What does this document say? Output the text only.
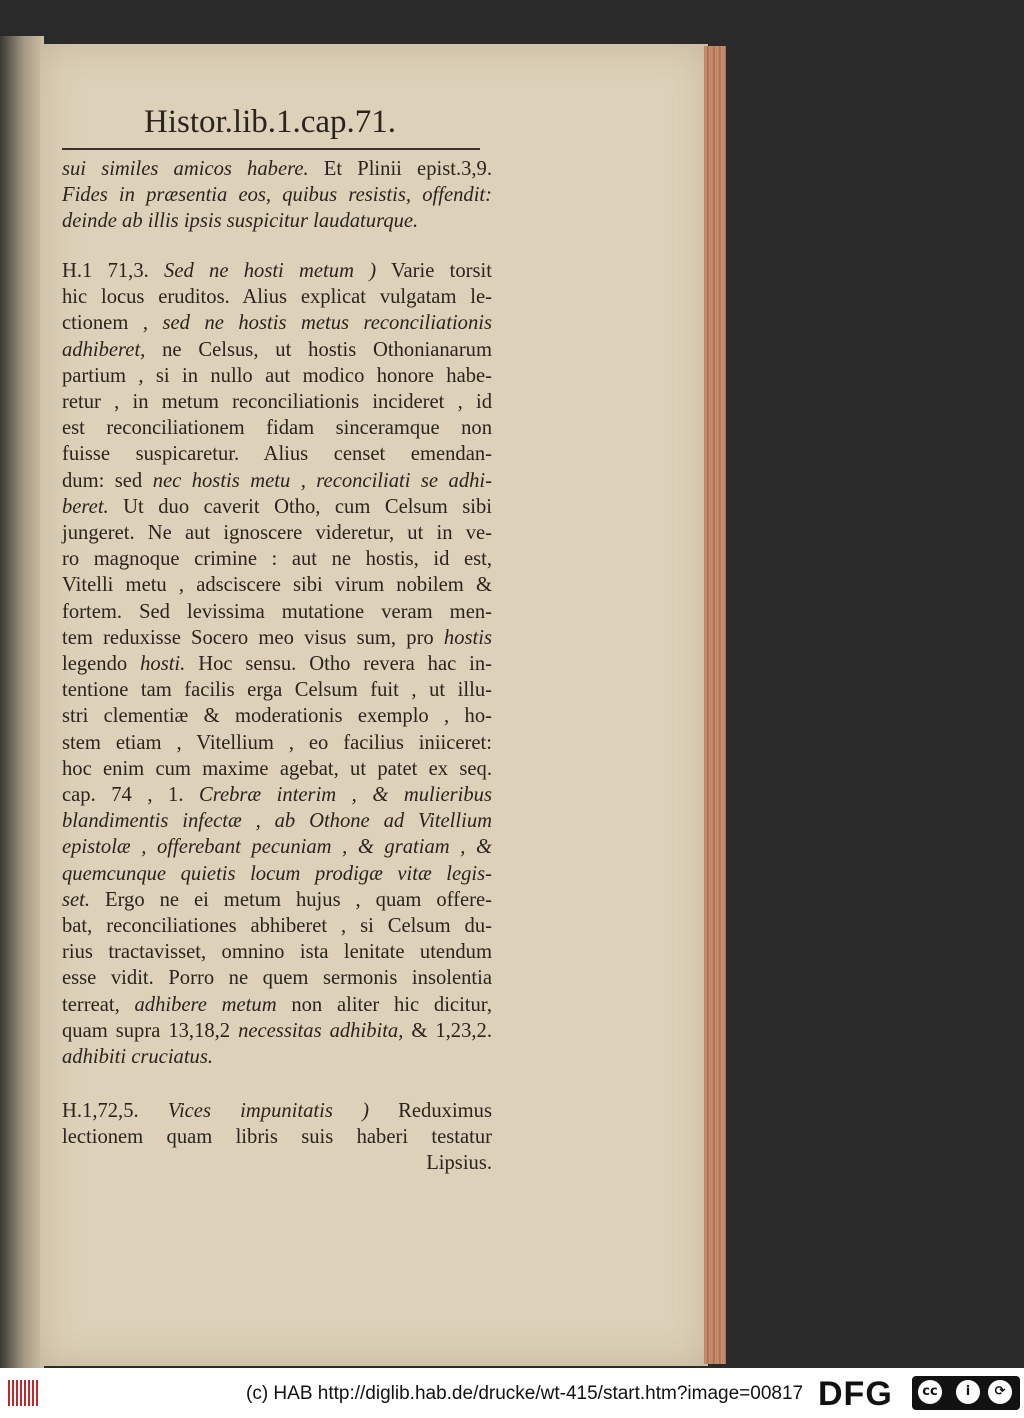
Histor.lib.1.cap.71.
sui similes amicos habere. Et Plinii epist.3,9.
Fides in præsentia eos, quibus resistis, offendit:
deinde ab illis ipsis suspicitur laudaturque.
H.1 71,3. Sed ne hosti metum ) Varie torsit
hic locus eruditos. Alius explicat vulgatam le-
ctionem , sed ne hostis metus reconciliationis
adhiberet, ne Celsus, ut hostis Othonianarum
partium , si in nullo aut modico honore habe-
retur , in metum reconciliationis incideret , id
est reconciliationem fidam sinceramque non
fuisse suspicaretur. Alius censet emendan-
dum: sed nec hostis metu , reconciliati se adhi-
beret. Ut duo caverit Otho, cum Celsum sibi
jungeret. Ne aut ignoscere videretur, ut in ve-
ro magnoque crimine : aut ne hostis, id est,
Vitelli metu , adsciscere sibi virum nobilem &
fortem. Sed levissima mutatione veram men-
tem reduxisse Socero meo visus sum, pro hostis
legendo hosti. Hoc sensu. Otho revera hac in-
tentione tam facilis erga Celsum fuit , ut illu-
stri clementiæ & moderationis exemplo , ho-
stem etiam , Vitellium , eo facilius iniiceret:
hoc enim cum maxime agebat, ut patet ex seq.
cap. 74 , 1. Crebræ interim , & mulieribus
blandimentis infectæ , ab Othone ad Vitellium
epistolæ , offerebant pecuniam , & gratiam , &
quemcunque quietis locum prodigæ vitæ legis-
set. Ergo ne ei metum hujus , quam offere-
bat, reconciliationes abhiberet , si Celsum du-
rius tractavisset, omnino ista lenitate utendum
esse vidit. Porro ne quem sermonis insolentia
terreat, adhibere metum non aliter hic dicitur,
quam supra 13,18,2 necessitas adhibita, & 1,23,2.
adhibiti cruciatus.
H.1,72,5. Vices impunitatis ) Reduximus
lectionem quam libris suis haberi testatur
Lipsius.
(c) HAB http://diglib.hab.de/drucke/wt-415/start.htm?image=00817 DFG	cc	i	⟳
